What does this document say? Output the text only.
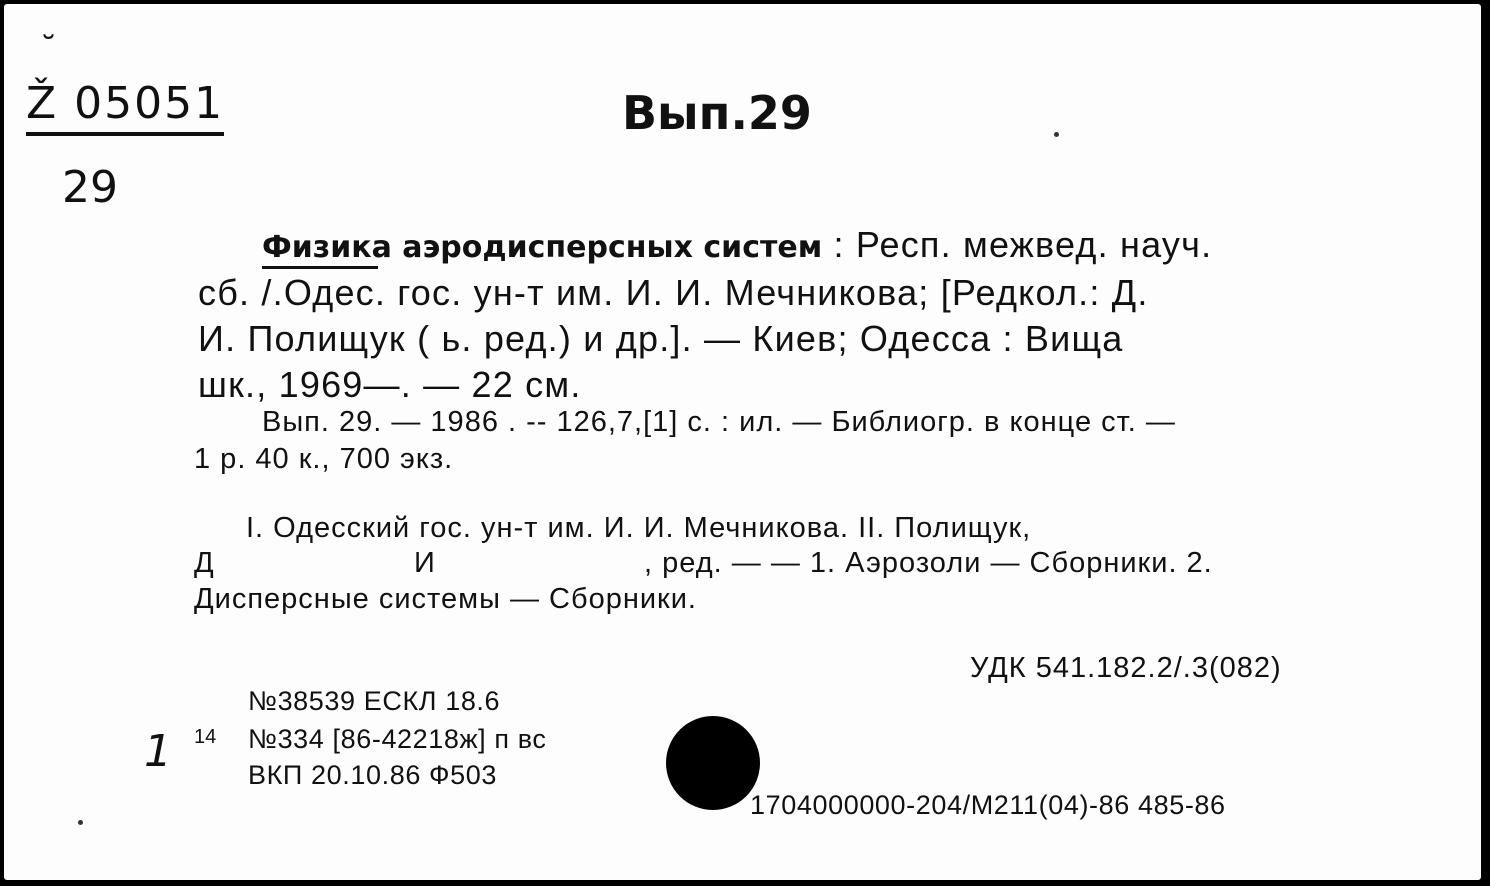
˘
Ž 05051
29
Вып.29
Физика аэродисперсных систем : Респ. межвед. науч.
сб. /.Одес. гос. ун-т им. И. И. Мечникова; [Редкол.: Д.
И. Полищук ( ь. ред.) и др.]. — Киев; Одесса : Вища
шк., 1969—. — 22 см.
Вып. 29. — 1986 . -- 126,7,[1] с. : ил. — Библиогр. в конце ст. —
1 р. 40 к., 700 экз.
I. Одесский гос. ун-т им. И. И. Мечникова. II. Полищук,
Д	И	, ред. — — 1. Аэрозоли — Сборники. 2.
Дисперсные системы — Сборники.
УДК 541.182.2/.3(082)
№38539 ЕСКЛ 18.6
1 14 №334 [86-42218ж] п вс
ВКП 20.10.86 Ф503
1704000000-204/М211(04)-86 485-86
